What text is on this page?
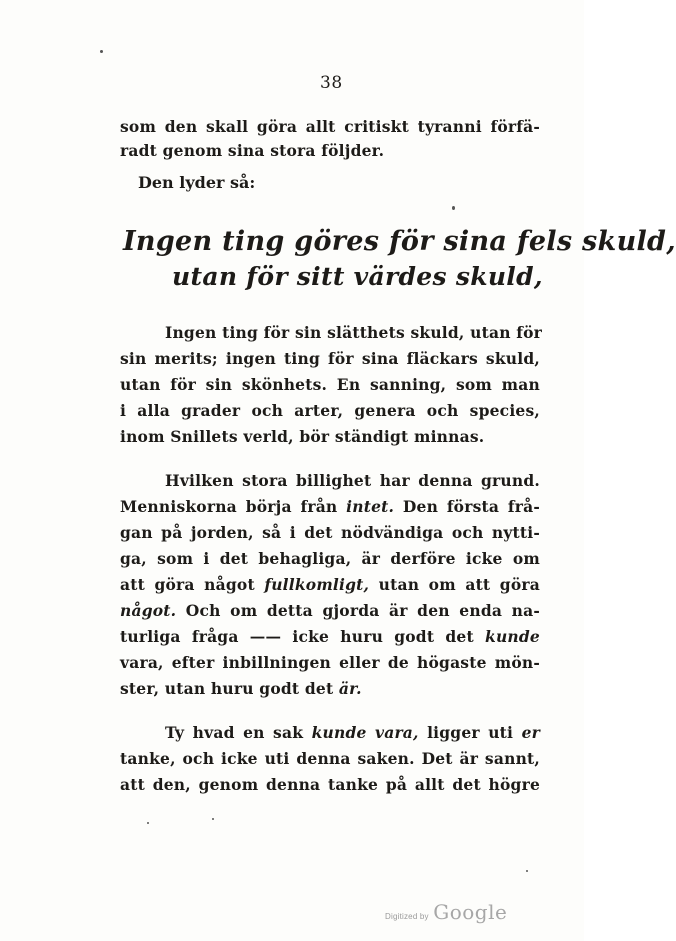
38
som den skall göra allt critiskt tyranni förfä-
radt genom sina stora följder.
Den lyder så:
Ingen ting göres för sina fels skuld,
utan för sitt värdes skuld,
Ingen ting för sin slätthets skuld, utan för
sin merits; ingen ting för sina fläckars skuld,
utan för sin skönhets. En sanning, som man
i alla grader och arter, genera och species,
inom Snillets verld, bör ständigt minnas.
Hvilken stora billighet har denna grund.
Menniskorna börja från intet. Den första frå-
gan på jorden, så i det nödvändiga och nytti-
ga, som i det behagliga, är derföre icke om
att göra något fullkomligt, utan om att göra
något. Och om detta gjorda är den enda na-
turliga fråga —— icke huru godt det kunde
vara, efter inbillningen eller de högaste mön-
ster, utan huru godt det är.
Ty hvad en sak kunde vara, ligger uti er
tanke, och icke uti denna saken. Det är sannt,
att den, genom denna tanke på allt det högre
Digitized by Google
